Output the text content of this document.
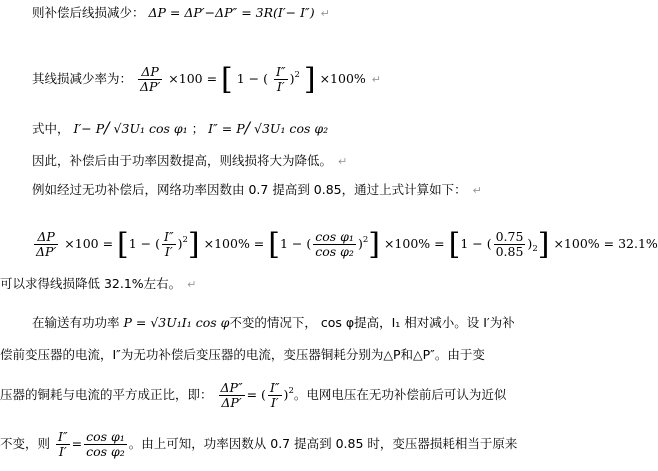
则补偿后线损减少： ΔP = ΔP′−ΔP″ = 3R(I′− I″) ↵
其线损减少率为： $\frac{\Delta P}{\Delta P'} \times 100$ = [ 1 − ( $\frac{I''}{I'} )^2$ ] ×100% ↵
式中， I′− P/ √3U₁ cos φ₁ ； I″ = P/ √3U₁ cos φ₂
因此，补偿后由于功率因数提高，则线损将大为降低。 ↵
例如经过无功补偿后，网络功率因数由 0.7 提高到 0.85，通过上式计算如下： ↵
$\frac{\Delta P}{\Delta P'} \times 100 = [1$ − ( $\frac{I''}{I'} )^2] \times 100\% = [1$ − ( $\frac{\text{cos φ₁}}{\text{cos φ₂}} )^2] \times 100\% = [1$ − ( $\frac{0.75}{0.85} )_2] \times 100\% = 32.1\%$
可以求得线损降低 32.1%左右。 ↵
在输送有功功率 P = √3U₁I₁ cos φ不变的情况下， cos φ提高，I₁ 相对减小。设 I′为补
偿前变压器的电流，I″为无功补偿后变压器的电流，变压器铜耗分别为△P和△P″。由于变
压器的铜耗与电流的平方成正比，即： $\frac{\Delta P''}{\Delta P'}$ = ( $\frac{I''}{I'} )^2$。电网电压在无功补偿前后可认为近似
不变，则 $\frac{I''}{I'} = \frac{\text{cos φ₁}}{\text{cos φ₂}}$ 。由上可知，功率因数从 0.7 提高到 0.85 时，变压器损耗相当于原来
